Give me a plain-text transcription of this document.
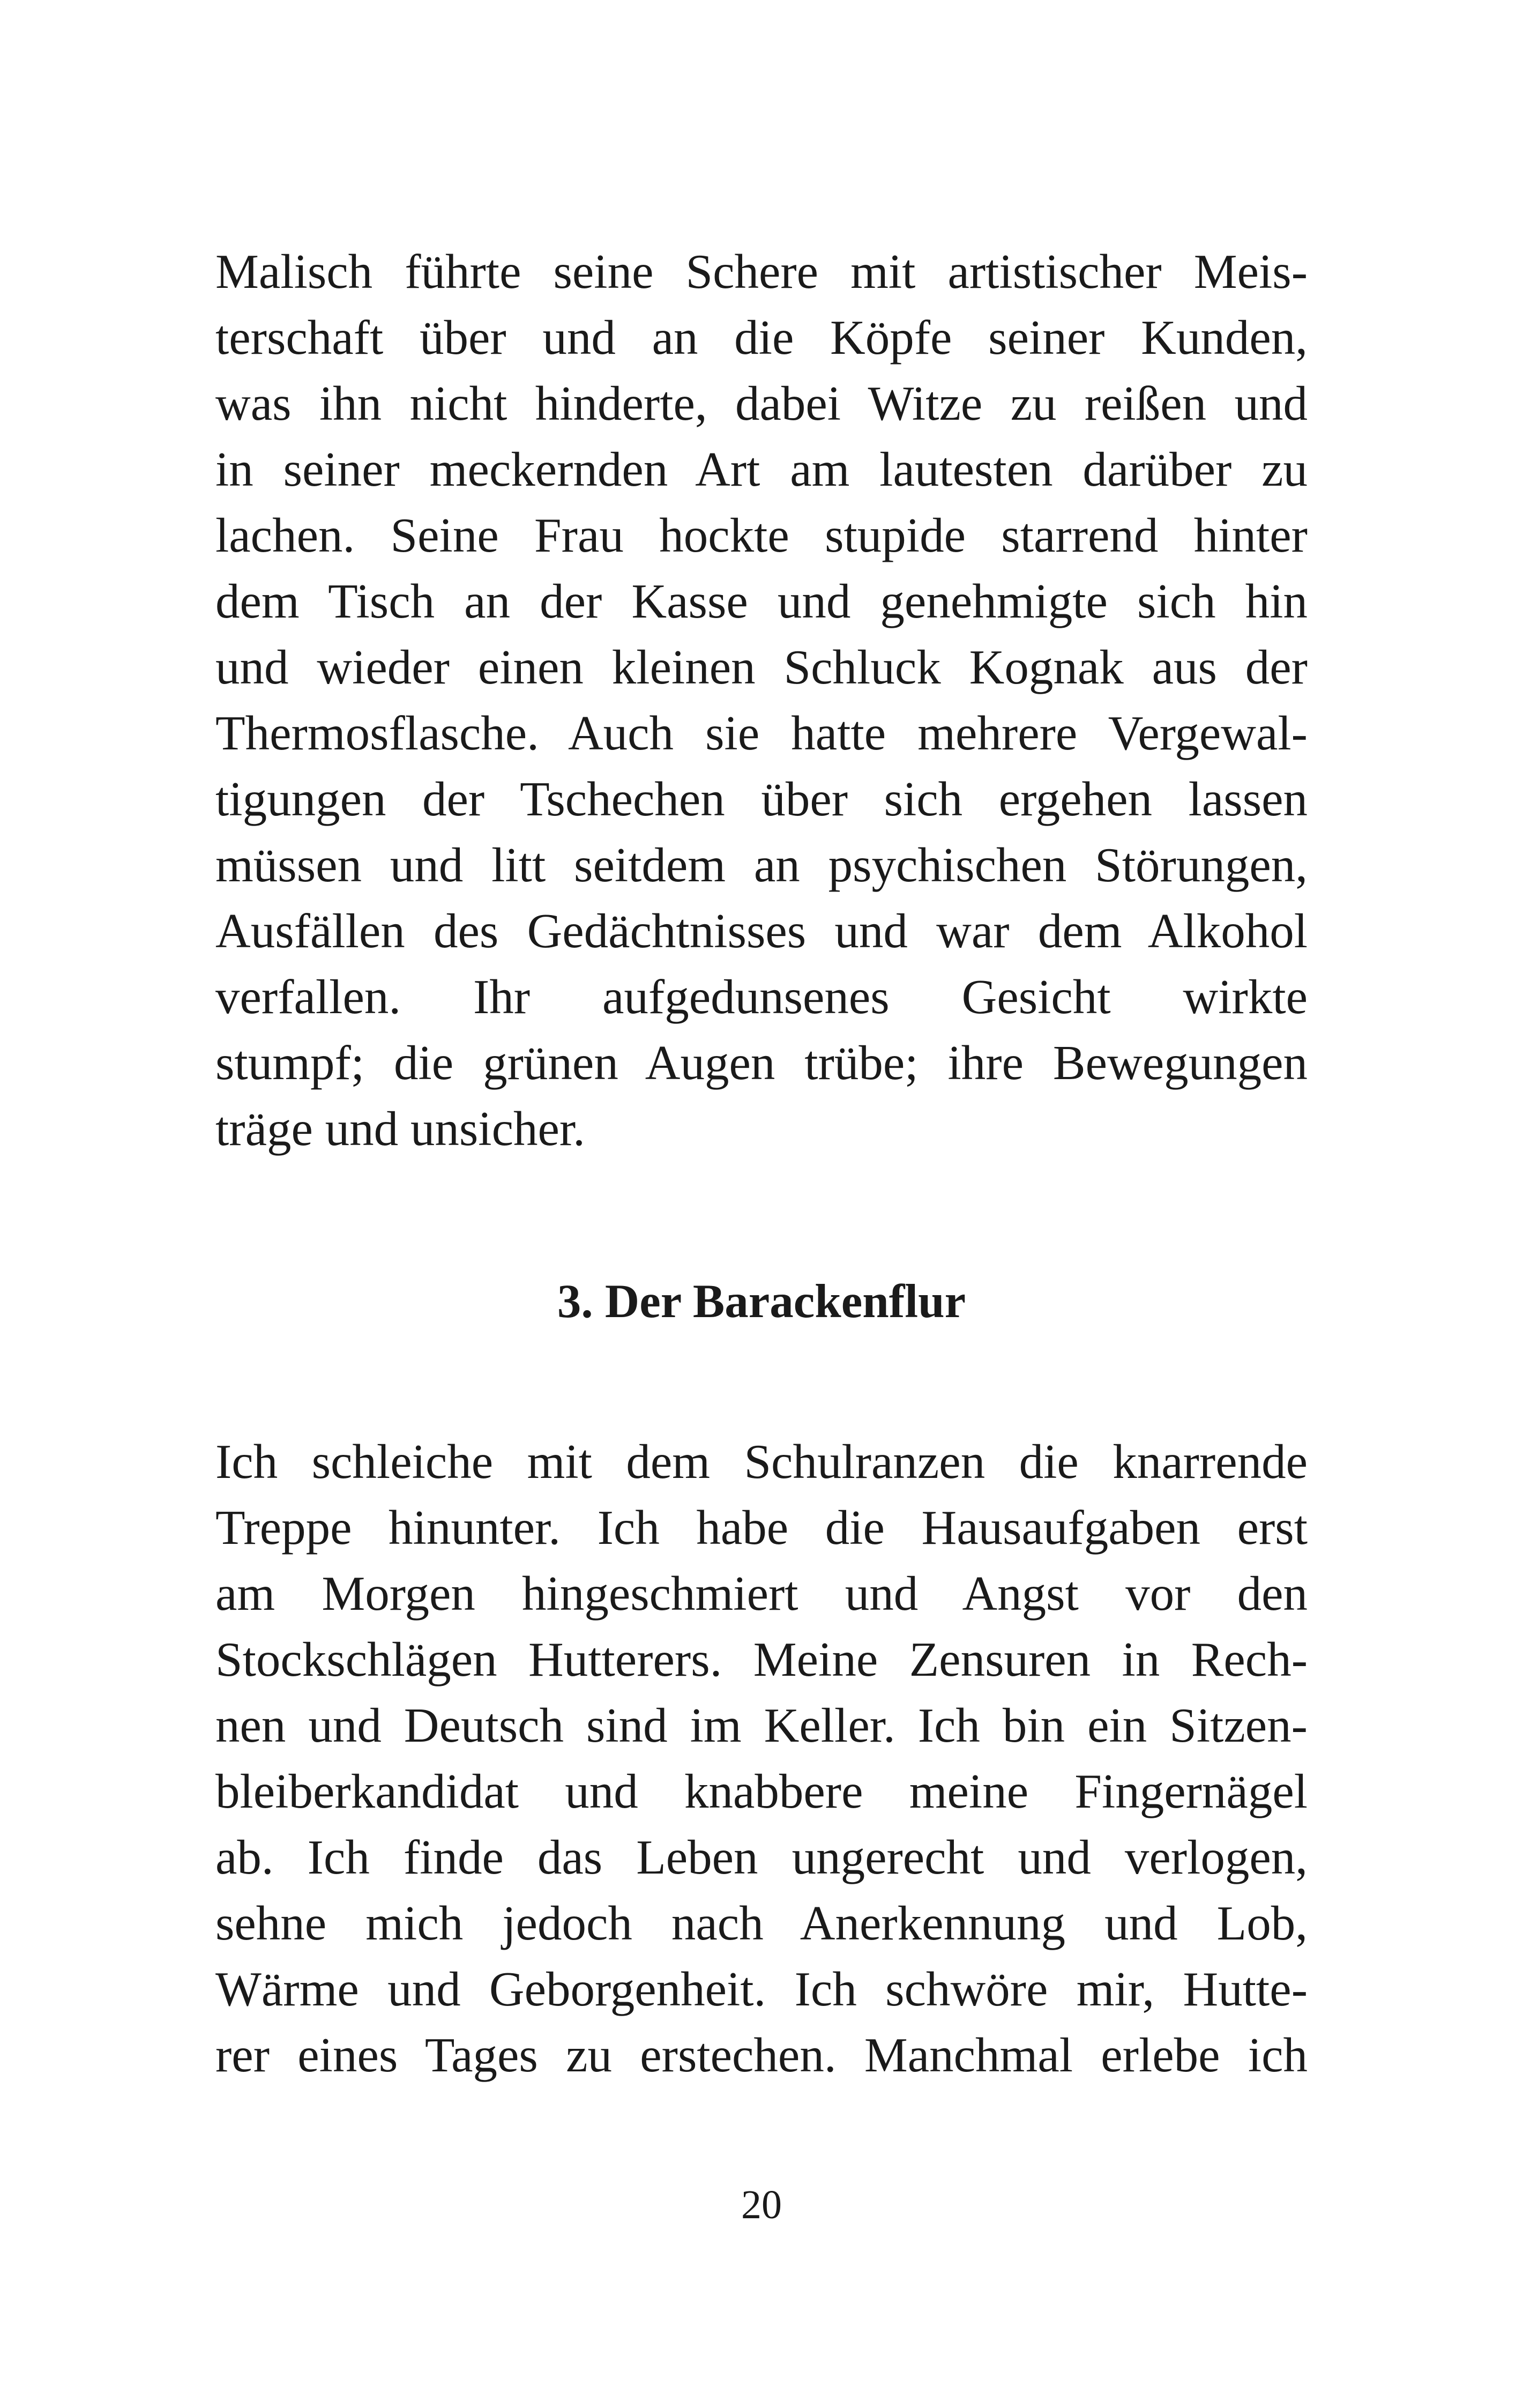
Malisch führte seine Schere mit artistischer Meis-
terschaft über und an die Köpfe seiner Kunden,
was ihn nicht hinderte, dabei Witze zu reißen und
in seiner meckernden Art am lautesten darüber zu
lachen. Seine Frau hockte stupide starrend hinter
dem Tisch an der Kasse und genehmigte sich hin
und wieder einen kleinen Schluck Kognak aus der
Thermosflasche. Auch sie hatte mehrere Vergewal-
tigungen der Tschechen über sich ergehen lassen
müssen und litt seitdem an psychischen Störungen,
Ausfällen des Gedächtnisses und war dem Alkohol
verfallen. Ihr aufgedunsenes Gesicht wirkte
stumpf; die grünen Augen trübe; ihre Bewegungen
träge und unsicher.
3. Der Barackenflur
Ich schleiche mit dem Schulranzen die knarrende
Treppe hinunter. Ich habe die Hausaufgaben erst
am Morgen hingeschmiert und Angst vor den
Stockschlägen Hutterers. Meine Zensuren in Rech-
nen und Deutsch sind im Keller. Ich bin ein Sitzen-
bleiberkandidat und knabbere meine Fingernägel
ab. Ich finde das Leben ungerecht und verlogen,
sehne mich jedoch nach Anerkennung und Lob,
Wärme und Geborgenheit. Ich schwöre mir, Hutte-
rer eines Tages zu erstechen. Manchmal erlebe ich
20
